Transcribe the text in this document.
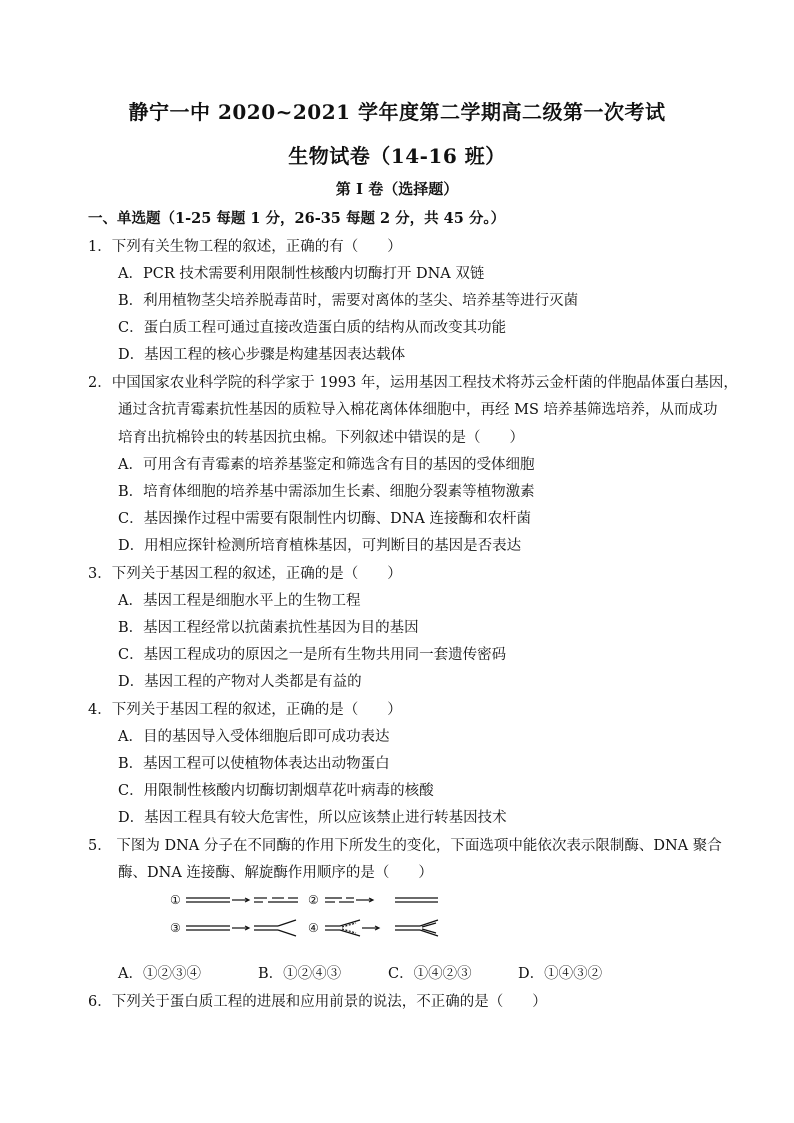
静宁一中 2020~2021 学年度第二学期高二级第一次考试
生物试卷（14-16 班）
第 I 卷（选择题）
一、单选题（1-25 每题 1 分，26-35 每题 2 分，共 45 分。）
1．下列有关生物工程的叙述，正确的有（　　）
A．PCR 技术需要利用限制性核酸内切酶打开 DNA 双链
B．利用植物茎尖培养脱毒苗时，需要对离体的茎尖、培养基等进行灭菌
C．蛋白质工程可通过直接改造蛋白质的结构从而改变其功能
D．基因工程的核心步骤是构建基因表达载体
2．中国国家农业科学院的科学家于 1993 年，运用基因工程技术将苏云金杆菌的伴胞晶体蛋白基因，
通过含抗青霉素抗性基因的质粒导入棉花离体体细胞中，再经 MS 培养基筛选培养，从而成功
培育出抗棉铃虫的转基因抗虫棉。下列叙述中错误的是（　　）
A．可用含有青霉素的培养基鉴定和筛选含有目的基因的受体细胞
B．培育体细胞的培养基中需添加生长素、细胞分裂素等植物激素
C．基因操作过程中需要有限制性内切酶、DNA 连接酶和农杆菌
D．用相应探针检测所培育植株基因，可判断目的基因是否表达
3．下列关于基因工程的叙述，正确的是（　　）
A．基因工程是细胞水平上的生物工程
B．基因工程经常以抗菌素抗性基因为目的基因
C．基因工程成功的原因之一是所有生物共用同一套遗传密码
D．基因工程的产物对人类都是有益的
4．下列关于基因工程的叙述，正确的是（　　）
A．目的基因导入受体细胞后即可成功表达
B．基因工程可以使植物体表达出动物蛋白
C．用限制性核酸内切酶切割烟草花叶病毒的核酸
D．基因工程具有较大危害性，所以应该禁止进行转基因技术
5． 下图为 DNA 分子在不同酶的作用下所发生的变化，下面选项中能依次表示限制酶、DNA 聚合
酶、DNA 连接酶、解旋酶作用顺序的是（　　）
①	②
③	④
A．①②③④	B．①②④③	C．①④②③	D．①④③②
6．下列关于蛋白质工程的进展和应用前景的说法，不正确的是（　　）
